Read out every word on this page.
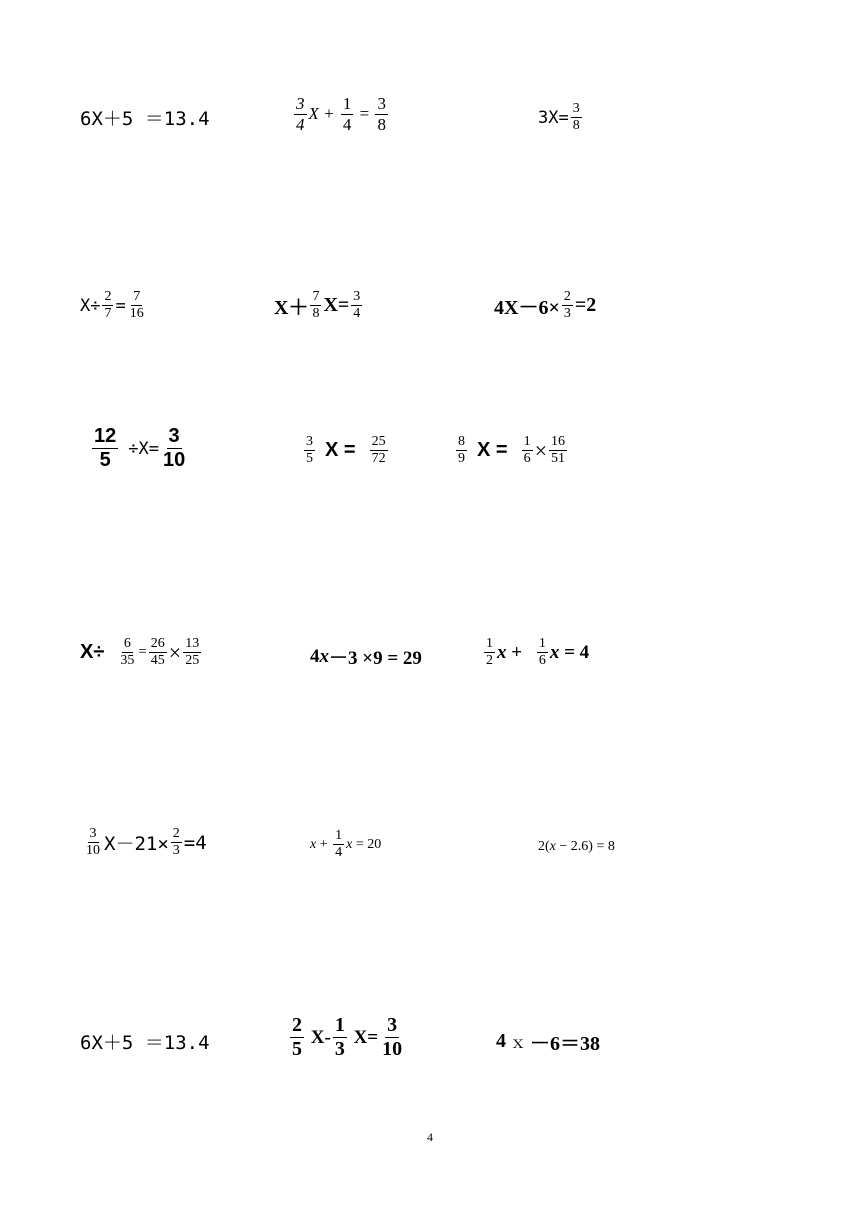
6X＋5 ＝13.4	$\frac{3}{4}$ $X + \frac{1}{4} = \frac{3}{8}$	$3X= \frac{3}{8}$
$X\div \frac{2}{7} = \frac{7}{16}$	$X+ \frac{7}{8} X= \frac{3}{4}$	$4X-6\times \frac{2}{3} =2$
$\frac{12}{5} \div X= \frac{3}{10}$	$\frac{3}{5}$ $X = \frac{25}{72}$	$\frac{8}{9}$ $X = \frac{1}{6} \times \frac{16}{51}$
$X\div \frac{6}{35} = \frac{26}{45} \times \frac{13}{25}$	4 x －3 ×9 = 29	$\frac{1}{2}$ $x + \frac{1}{6}$ x = 4
$\frac{3}{10} X-21\times \frac{2}{3} =4$	$x + \frac{1}{4}$ x = 20	2( x − 2.6) = 8
6X＋5 ＝13.4	$\frac{2}{5} X- \frac{1}{3} X= \frac{3}{10}$	4 ｘ －6＝38
4
